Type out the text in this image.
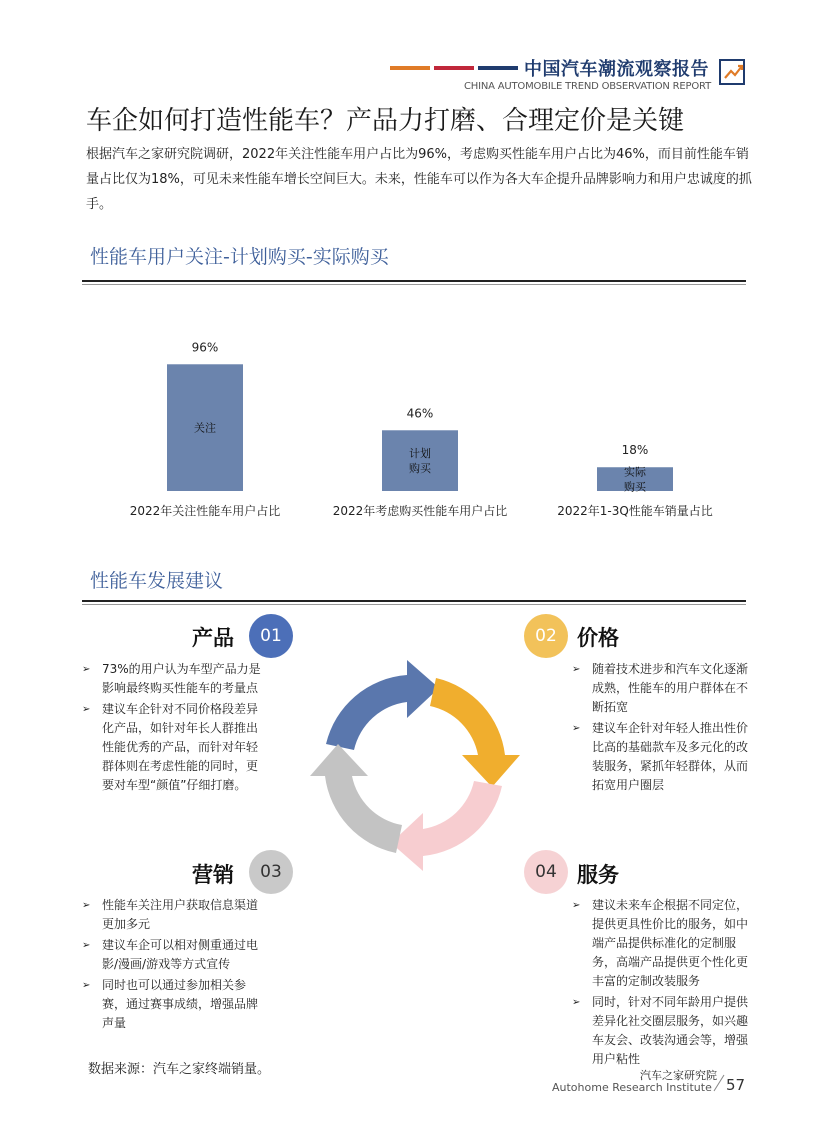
中国汽车潮流观察报告
CHINA AUTOMOBILE TREND OBSERVATION REPORT
车企如何打造性能车？产品力打磨、合理定价是关键

根据汽车之家研究院调研，2022年关注性能车用户占比为96%，考虑购买性能车用户占比为46%，而目前性能车销量占比仅为18%，可见未来性能车增长空间巨大。未来，性能车可以作为各大车企提升品牌影响力和用户忠诚度的抓手。

性能车用户关注-计划购买-实际购买
96%
关注
2022年关注性能车用户占比
46%
计划
购买
2022年考虑购买性能车用户占比
18%
实际
购买
2022年1-3Q性能车销量占比
性能车发展建议
产品	01
➢ 73%的用户认为车型产品力是影响最终购买性能车的考量点
➢ 建议车企针对不同价格段差异化产品，如针对年长人群推出性能优秀的产品，而针对年轻群体则在考虑性能的同时，更要对车型“颜值”仔细打磨。
02 价格
➢ 随着技术进步和汽车文化逐渐成熟，性能车的用户群体在不断拓宽
➢ 建议车企针对年轻人推出性价比高的基础款车及多元化的改装服务，紧抓年轻群体，从而拓宽用户圈层
营销	03
➢ 性能车关注用户获取信息渠道更加多元
➢ 建议车企可以相对侧重通过电影/漫画/游戏等方式宣传
➢ 同时也可以通过参加相关参赛，通过赛事成绩，增强品牌声量
04 服务
➢ 建议未来车企根据不同定位，提供更具性价比的服务，如中端产品提供标准化的定制服务，高端产品提供更个性化更丰富的定制改装服务
➢ 同时，针对不同年龄用户提供差异化社交圈层服务，如兴趣车友会、改装沟通会等，增强用户粘性
数据来源：汽车之家终端销量。	汽车之家研究院
Autohome Research Institute 57
